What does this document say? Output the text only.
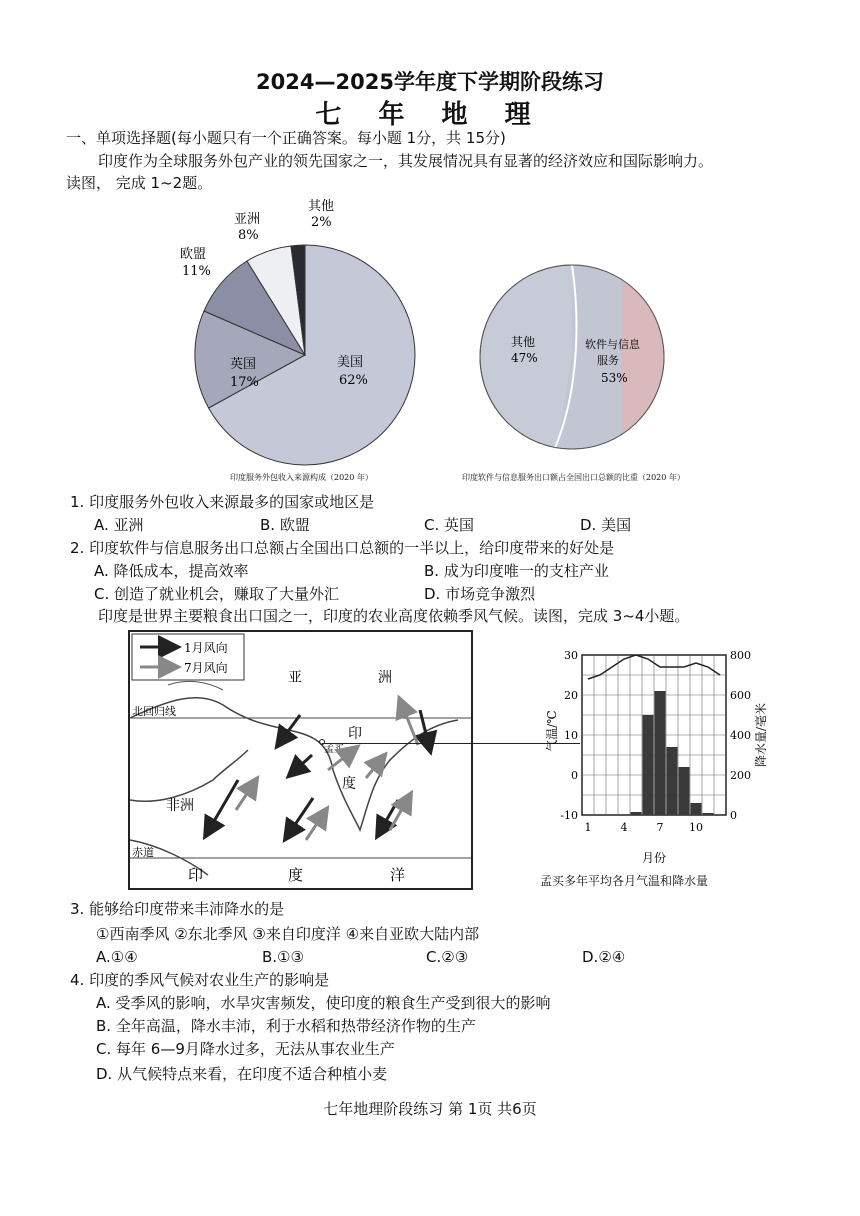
2024—2025学年度下学期阶段练习
七 年 地 理
一、单项选择题(每小题只有一个正确答案。每小题 1分，共 15分)
印度作为全球服务外包产业的领先国家之一，其发展情况具有显著的经济效应和国际影响力。
读图， 完成 1~2题。
其他
2%
亚洲
8%
欧盟
11%
英国
17%
美国
62%
印度服务外包收入来源构成（2020 年）
其他
47%
软件与信息
服务
53%
印度软件与信息服务出口额占全国出口总额的比重（2020 年）
1. 印度服务外包收入来源最多的国家或地区是
A. 亚洲	B. 欧盟	C. 英国	D. 美国
2. 印度软件与信息服务出口总额占全国出口总额的一半以上，给印度带来的好处是
A. 降低成本，提高效率	B. 成为印度唯一的支柱产业
C. 创造了就业机会，赚取了大量外汇	D. 市场竞争激烈
印度是世界主要粮食出口国之一，印度的农业高度依赖季风气候。读图，完成 3~4小题。
1月风向
7月风向
北回归线
赤道
亚	洲
印
度
孟买
非洲
印	度	洋
30
20
10
0
-10
800
600
400
200
0
1	4	7 10
气温/℃	降水量/毫米
月份
孟买多年平均各月气温和降水量
3. 能够给印度带来丰沛降水的是
①西南季风 ②东北季风 ③来自印度洋 ④来自亚欧大陆内部
A.①④	B.①③	C.②③	D.②④
4. 印度的季风气候对农业生产的影响是
A. 受季风的影响，水旱灾害频发，使印度的粮食生产受到很大的影响
B. 全年高温，降水丰沛，利于水稻和热带经济作物的生产
C. 每年 6—9月降水过多，无法从事农业生产
D. 从气候特点来看，在印度不适合种植小麦
七年地理阶段练习 第 1页 共6页
